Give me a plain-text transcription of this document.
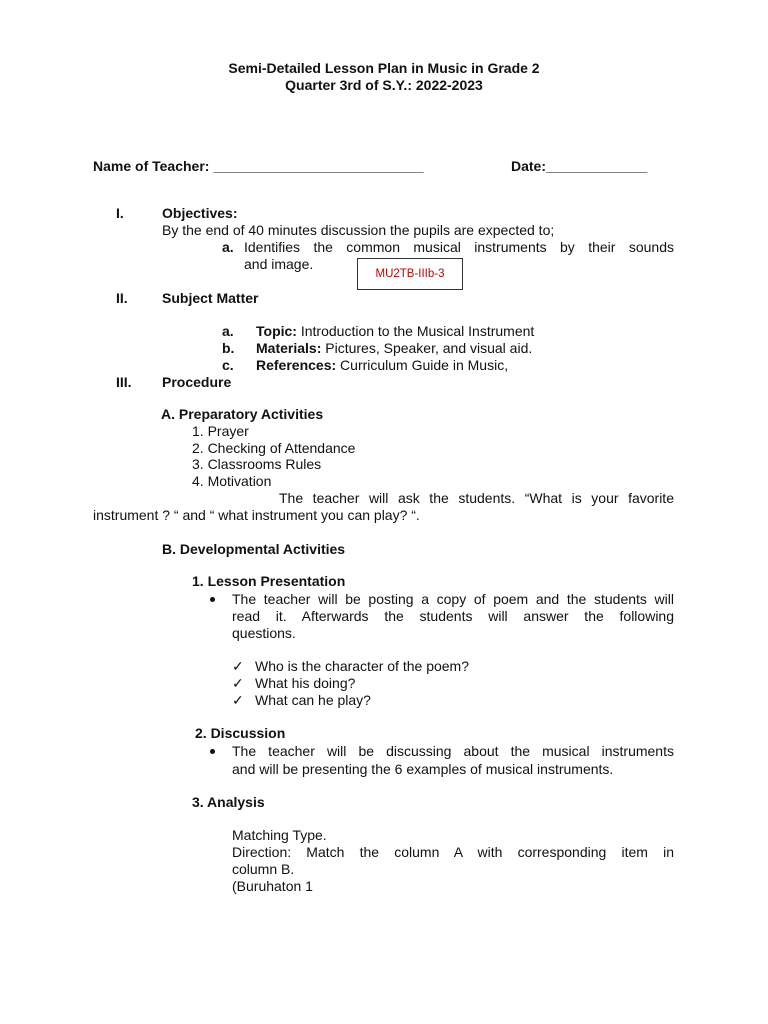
Semi-Detailed Lesson Plan in Music in Grade 2
Quarter 3rd of S.Y.: 2022-2023
Name of Teacher: ___________________________	Date:_____________
I.	Objectives:
By the end of 40 minutes discussion the pupils are expected to;
a. Identifies the common musical instruments by their sounds
and image.
MU2TB-IIIb-3
II. Subject Matter
a. Topic: Introduction to the Musical Instrument
b. Materials: Pictures, Speaker, and visual aid.
c. References: Curriculum Guide in Music,
III. Procedure
A. Preparatory Activities
1. Prayer
2. Checking of Attendance
3. Classrooms Rules
4. Motivation
The teacher will ask the students. “What is your favorite
instrument ? “ and “ what instrument you can play? “.
B. Developmental Activities
1. Lesson Presentation
The teacher will be posting a copy of poem and the students will
read it. Afterwards the students will answer the following
questions.
✓ Who is the character of the poem?
✓ What his doing?
✓ What can he play?
2. Discussion
The teacher will be discussing about the musical instruments
and will be presenting the 6 examples of musical instruments.
3. Analysis
Matching Type.
Direction: Match the column A with corresponding item in
column B.
(Buruhaton 1
